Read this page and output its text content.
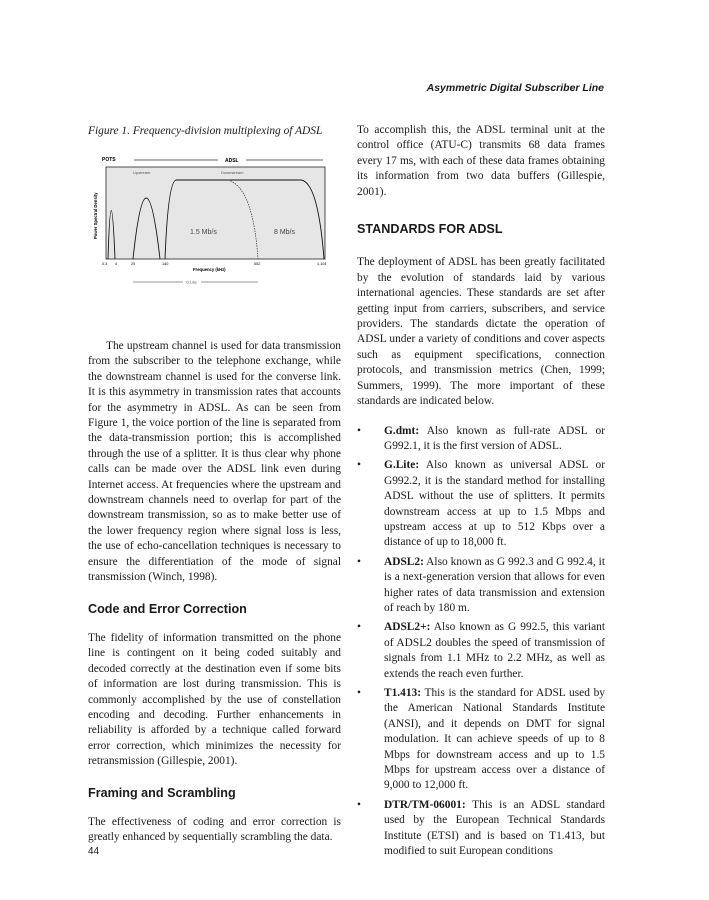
Asymmetric Digital Subscriber Line
Figure 1. Frequency-division multiplexing of ADSL
POTS	ADSL
Upstream	Downstream
1.5 Mb/s	8 Mb/s
Power Spectral Density
0.3 4	25	140	552	1,104
Frequency (kHz)
G.Lite

The upstream channel is used for data transmission from the subscriber to the telephone exchange, while the downstream channel is used for the converse link. It is this asymmetry in transmission rates that accounts for the asymmetry in ADSL. As can be seen from Figure 1, the voice portion of the line is separated from the data-transmission portion; this is accomplished through the use of a splitter. It is thus clear why phone calls can be made over the ADSL link even during Internet access. At frequencies where the upstream and downstream channels need to overlap for part of the downstream transmission, so as to make better use of the lower frequency region where signal loss is less, the use of echo-cancellation techniques is necessary to ensure the differentiation of the mode of signal transmission (Winch, 1998).

Code and Error Correction

The fidelity of information transmitted on the phone line is contingent on it being coded suitably and decoded correctly at the destination even if some bits of information are lost during transmission. This is commonly accomplished by the use of constellation encoding and decoding. Further enhancements in reliability is afforded by a technique called forward error correction, which minimizes the necessity for retransmission (Gillespie, 2001).

Framing and Scrambling

The effectiveness of coding and error correction is greatly enhanced by sequentially scrambling the data.

To accomplish this, the ADSL terminal unit at the control office (ATU-C) transmits 68 data frames every 17 ms, with each of these data frames obtaining its information from two data buffers (Gillespie, 2001).

STANDARDS FOR ADSL

The deployment of ADSL has been greatly facilitated by the evolution of standards laid by various international agencies. These standards are set after getting input from carriers, subscribers, and service providers. The standards dictate the operation of ADSL under a variety of conditions and cover aspects such as equipment specifications, connection protocols, and transmission metrics (Chen, 1999; Summers, 1999). The more important of these standards are indicated below.

• G.dmt: Also known as full-rate ADSL or G992.1, it is the first version of ADSL.
• G.Lite: Also known as universal ADSL or G992.2, it is the standard method for installing ADSL without the use of splitters. It permits downstream access at up to 1.5 Mbps and upstream access at up to 512 Kbps over a distance of up to 18,000 ft.
• ADSL2: Also known as G 992.3 and G 992.4, it is a next-generation version that allows for even higher rates of data transmission and extension of reach by 180 m.
• ADSL2+: Also known as G 992.5, this variant of ADSL2 doubles the speed of transmission of signals from 1.1 MHz to 2.2 MHz, as well as extends the reach even further.
• T1.413: This is the standard for ADSL used by the American National Standards Institute (ANSI), and it depends on DMT for signal modulation. It can achieve speeds of up to 8 Mbps for downstream access and up to 1.5 Mbps for upstream access over a distance of 9,000 to 12,000 ft.
• DTR/TM-06001: This is an ADSL standard used by the European Technical Standards Institute (ETSI) and is based on T1.413, but modified to suit European conditions
44
